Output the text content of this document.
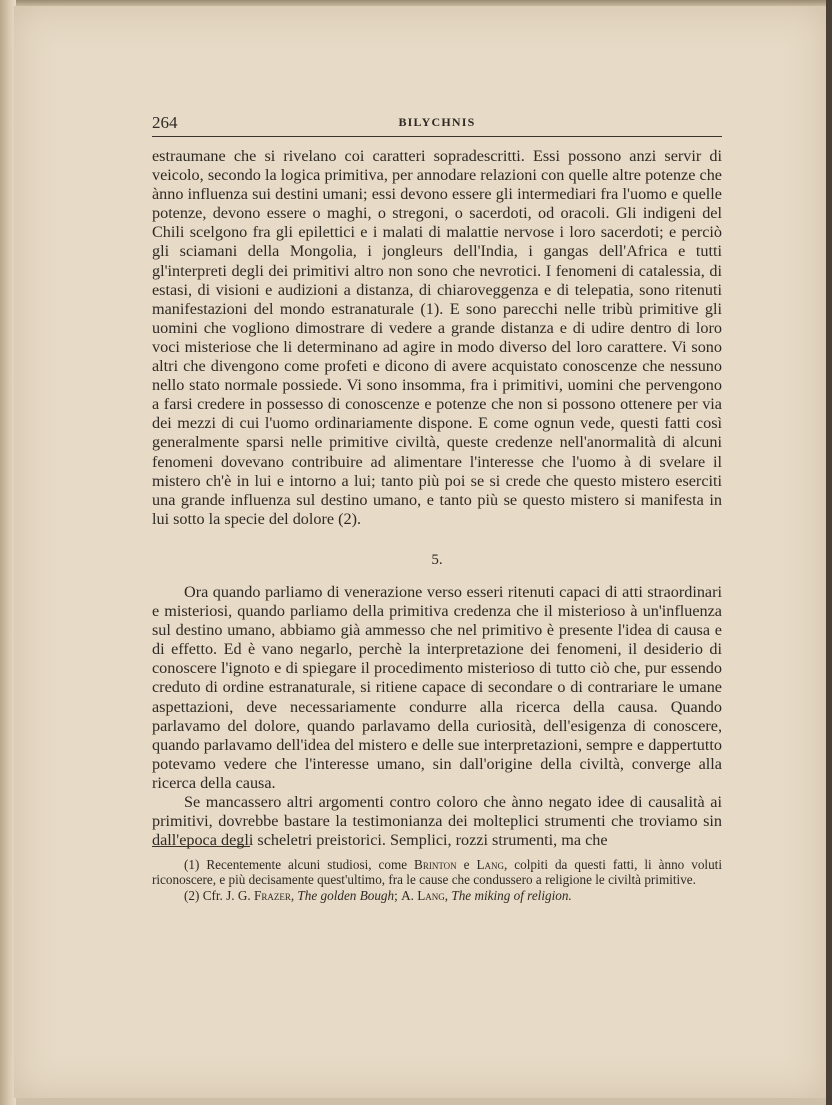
264	BILYCHNIS

estraumane che si rivelano coi caratteri sopradescritti. Essi possono anzi servir di veicolo, secondo la logica primitiva, per annodare relazioni con quelle altre potenze che ànno influenza sui destini umani; essi devono essere gli intermediari fra l'uomo e quelle potenze, devono essere o maghi, o stregoni, o sacerdoti, od oracoli. Gli indigeni del Chili scelgono fra gli epilettici e i malati di malattie nervose i loro sacerdoti; e perciò gli sciamani della Mongolia, i jongleurs dell'India, i gangas dell'Africa e tutti gl'interpreti degli dei primitivi altro non sono che nevrotici. I fenomeni di catalessia, di estasi, di visioni e audizioni a distanza, di chiaroveggenza e di telepatia, sono ritenuti manifestazioni del mondo estranaturale (1). E sono parecchi nelle tribù primitive gli uomini che vogliono dimostrare di vedere a grande distanza e di udire dentro di loro voci misteriose che li determinano ad agire in modo diverso del loro carattere. Vi sono altri che divengono come profeti e dicono di avere acquistato conoscenze che nessuno nello stato normale possiede. Vi sono insomma, fra i primitivi, uomini che pervengono a farsi credere in possesso di conoscenze e potenze che non si possono ottenere per via dei mezzi di cui l'uomo ordinariamente dispone. E come ognun vede, questi fatti così generalmente sparsi nelle primitive civiltà, queste credenze nell'anormalità di alcuni fenomeni dovevano contribuire ad alimentare l'interesse che l'uomo à di svelare il mistero ch'è in lui e intorno a lui; tanto più poi se si crede che questo mistero eserciti una grande influenza sul destino umano, e tanto più se questo mistero si manifesta in lui sotto la specie del dolore (2).

5.

Ora quando parliamo di venerazione verso esseri ritenuti capaci di atti straordinari e misteriosi, quando parliamo della primitiva credenza che il misterioso à un'influenza sul destino umano, abbiamo già ammesso che nel primitivo è presente l'idea di causa e di effetto. Ed è vano negarlo, perchè la interpretazione dei fenomeni, il desiderio di conoscere l'ignoto e di spiegare il procedimento misterioso di tutto ciò che, pur essendo creduto di ordine estranaturale, si ritiene capace di secondare o di contrariare le umane aspettazioni, deve necessariamente condurre alla ricerca della causa. Quando parlavamo del dolore, quando parlavamo della curiosità, dell'esigenza di conoscere, quando parlavamo dell'idea del mistero e delle sue interpretazioni, sempre e dappertutto potevamo vedere che l'interesse umano, sin dall'origine della civiltà, converge alla ricerca della causa.

Se mancassero altri argomenti contro coloro che ànno negato idee di causalità ai primitivi, dovrebbe bastare la testimonianza dei molteplici strumenti che troviamo sin dall'epoca degli scheletri preistorici. Semplici, rozzi strumenti, ma che

(1) Recentemente alcuni studiosi, come Brinton e Lang, colpiti da questi fatti, li ànno voluti riconoscere, e più decisamente quest'ultimo, fra le cause che condussero a religione le civiltà primitive.

(2) Cfr. J. G. Frazer, The golden Bough; A. Lang, The miking of religion.
